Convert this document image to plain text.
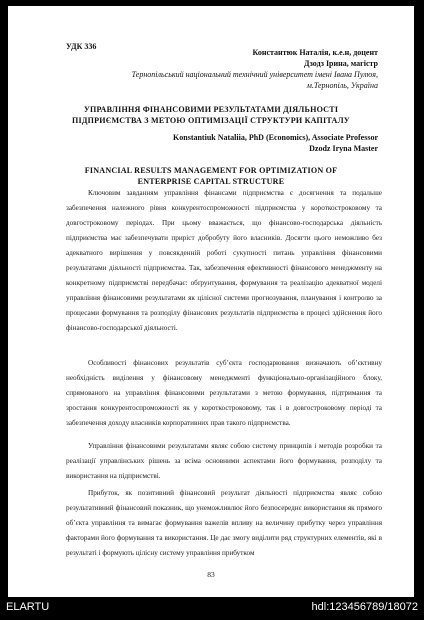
УДК 336
Константюк Наталія, к.е.н, доцент
Дзодз Ірина, магістр
Тернопільський національний технічний університет імені Івана Пулюя,
м.Тернопіль, Україна
УПРАВЛІННЯ ФІНАНСОВИМИ РЕЗУЛЬТАТАМИ ДІЯЛЬНОСТІ
ПІДПРИЄМСТВА З МЕТОЮ ОПТИМІЗАЦІЇ СТРУКТУРИ КАПІТАЛУ
Konstantiuk Nataliia, PhD (Economics), Associate Professor
Dzodz Iryna Master
FINANCIAL RESULTS MANAGEMENT FOR OPTIMIZATION OF
ENTERPRISE CAPITAL STRUCTURE

Ключовим завданням управління фінансами підприємства є досягнення та подальше забезпечення належного рівня конкурентоспроможності підприємства у короткостроковому та довгостроковому періодах. При цьому вважається, що фінансово-господарська діяльність підприємства має забезпечувати приріст добробуту його власників. Досягти цього неможливо без адекватного вирішення у повсякденній роботі сукупності питань управління фінансовими результатами діяльності підприємства. Так, забезпечення ефективності фінансового менеджменту на конкретному підприємстві передбачає: обґрунтування, формування та реалізацію адекватної моделі управління фінансовими результатами як цілісної системи прогнозування, планування і контролю за процесами формування та розподілу фінансових результатів підприємства в процесі здійснення його фінансово-господарської діяльності.

Особливості фінансових результатів суб’єкта господарювання визначають об’єктивну необхідність виділення у фінансовому менеджменті функціонально-організаційного блоку, спрямованого на управління фінансовими результатами з метою формування, підтримання та зростання конкурентоспроможності як у короткостроковому, так і в довгостроковому періоді та забезпечення доходу власників корпоративних прав такого підприємства.

Управління фінансовими результатами являє собою систему принципів і методів розробки та реалізації управлінських рішень за всіма основними аспектами його формування, розподілу та використання на підприємстві.

Прибуток, як позитивний фінансовий результат діяльності підприємства являє собою результативний фінансовий показник, що унеможливлює його безпосереднє використання як прямого об’єкта управління та вимагає формування важелів впливу на величину прибутку через управління факторами його формування та використання. Це дає змогу виділити ряд структурних елементів, які в результаті і формують цілісну систему управління прибутком

83
ELARTU	hdl:123456789/18072
